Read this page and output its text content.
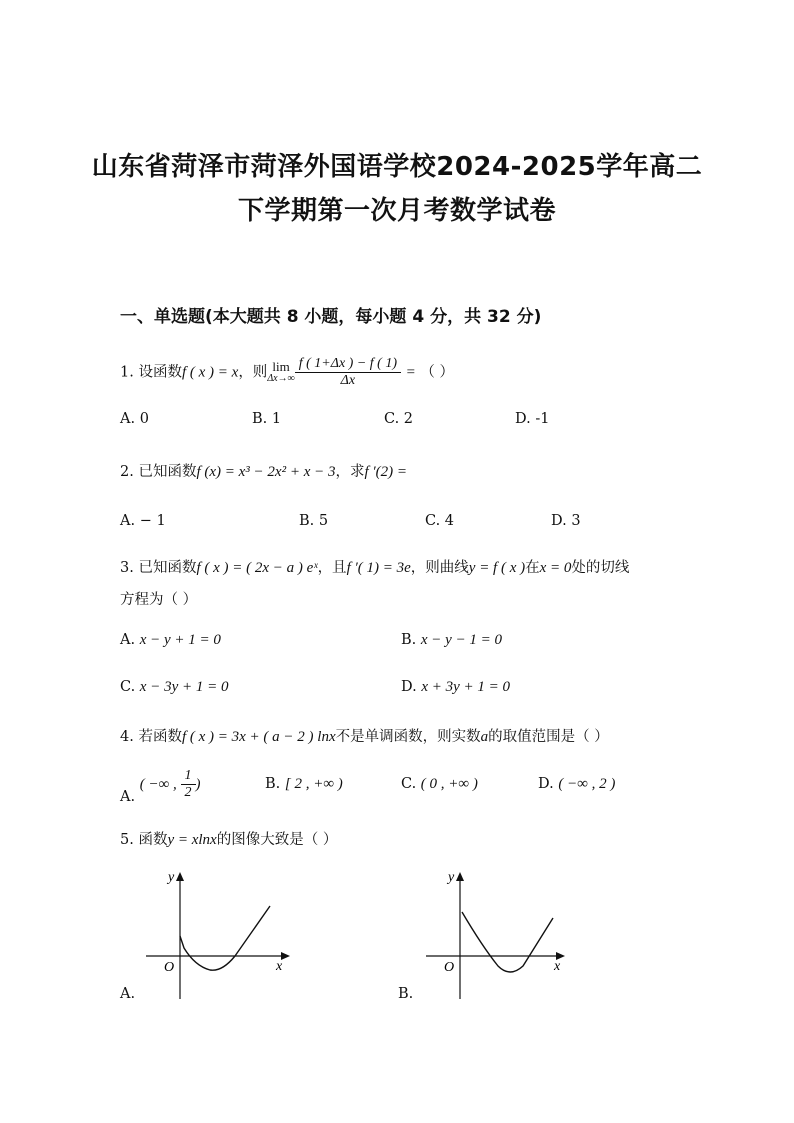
山东省菏泽市菏泽外国语学校2024-2025学年高二
下学期第一次月考数学试卷
一、单选题(本大题共 8 小题，每小题 4 分，共 32 分)
1. 设函数f ( x ) = x，则 lim
$\Delta x\to\infty \frac{f ( 1+\Delta x ) - f ( 1)}{\Delta x}$ = （ ）
A. 0	B. 1	C. 2	D. -1
2. 已知函数f (x) = x³ − 2x² + x − 3，求f ′(2) =
A. − 1	B. 5	C. 4	D. 3
3. 已知函数f ( x ) = ( 2x − a ) eˣ，且f ′( 1) = 3e，则曲线y = f ( x )在x = 0处的切线
方程为（ ）
A. x − y + 1 = 0	B. x − y − 1 = 0
C. x − 3y + 1 = 0	D. x + 3y + 1 = 0
4. 若函数f ( x ) = 3x + ( a − 2 ) lnx不是单调函数，则实数a的取值范围是（ ）
A. ( −∞ , $\frac{1}{2}$ )	B. [ 2 , +∞ )	C. ( 0 , +∞ )	D. ( −∞ , 2 )
5. 函数y = xlnx的图像大致是（ ）
A.
y
x
O
B.
y
x
O
